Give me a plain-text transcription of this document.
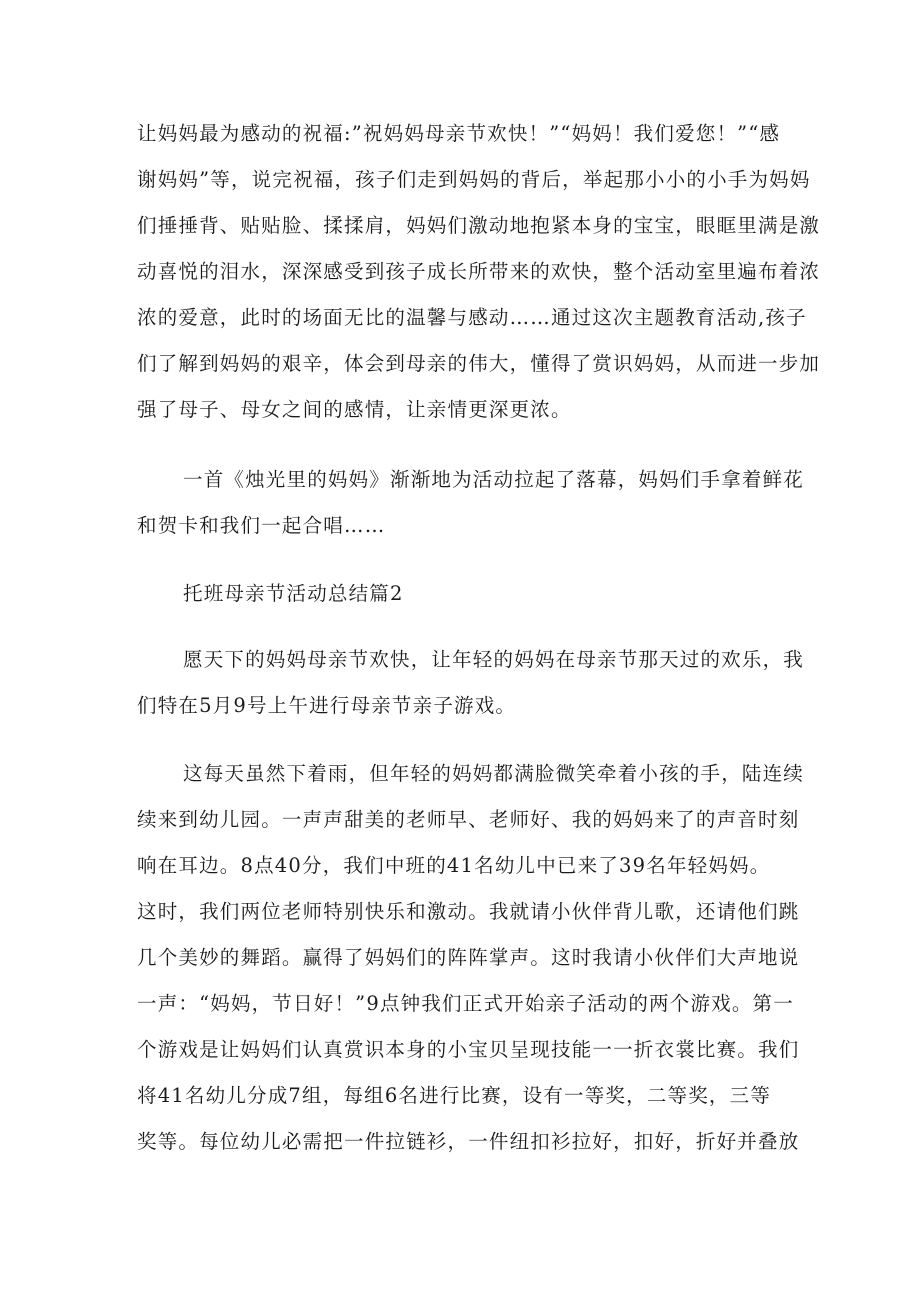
让妈妈最为感动的祝福:”祝妈妈母亲节欢快！”“妈妈！我们爱您！”“感
谢妈妈”等，说完祝福，孩子们走到妈妈的背后，举起那小小的小手为妈妈
们捶捶背、贴贴脸、揉揉肩，妈妈们激动地抱紧本身的宝宝，眼眶里满是激
动喜悦的泪水，深深感受到孩子成长所带来的欢快，整个活动室里遍布着浓
浓的爱意，此时的场面无比的温馨与感动……通过这次主题教育活动,孩子
们了解到妈妈的艰辛，体会到母亲的伟大，懂得了赏识妈妈，从而进一步加
强了母子、母女之间的感情，让亲情更深更浓。
一首《烛光里的妈妈》渐渐地为活动拉起了落幕，妈妈们手拿着鲜花
和贺卡和我们一起合唱……
托班母亲节活动总结篇2
愿天下的妈妈母亲节欢快，让年轻的妈妈在母亲节那天过的欢乐，我
们特在5月9号上午进行母亲节亲子游戏。
这每天虽然下着雨，但年轻的妈妈都满脸微笑牵着小孩的手，陆连续
续来到幼儿园。一声声甜美的老师早、老师好、我的妈妈来了的声音时刻
响在耳边。8点40分，我们中班的41名幼儿中已来了39名年轻妈妈。
这时，我们两位老师特别快乐和激动。我就请小伙伴背儿歌，还请他们跳
几个美妙的舞蹈。赢得了妈妈们的阵阵掌声。这时我请小伙伴们大声地说
一声：“妈妈，节日好！”9点钟我们正式开始亲子活动的两个游戏。第一
个游戏是让妈妈们认真赏识本身的小宝贝呈现技能一一折衣裳比赛。我们
将41名幼儿分成7组，每组6名进行比赛，设有一等奖，二等奖，三等
奖等。每位幼儿必需把一件拉链衫，一件纽扣衫拉好，扣好，折好并叠放
